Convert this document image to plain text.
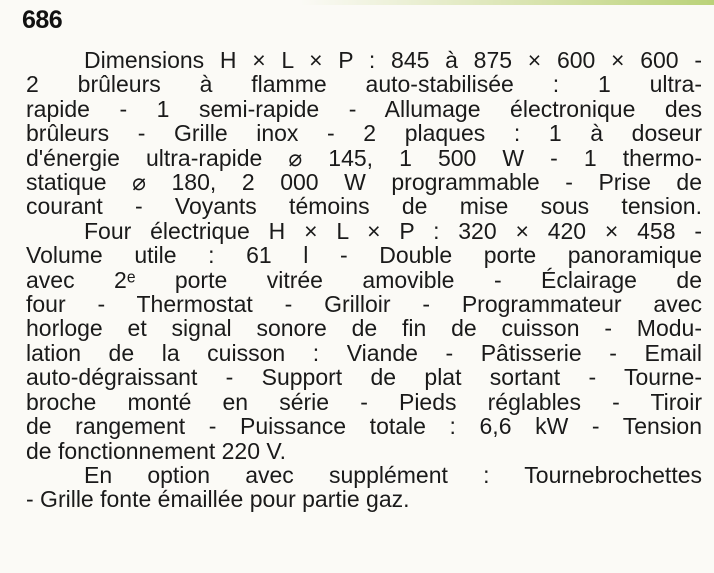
686
Dimensions H × L × P : 845 à 875 × 600 × 600 -
2 brûleurs à flamme auto-stabilisée : 1 ultra-
rapide - 1 semi-rapide - Allumage électronique des
brûleurs - Grille inox - 2 plaques : 1 à doseur
d'énergie ultra-rapide ⌀ 145, 1 500 W - 1 thermo-
statique ⌀ 180, 2 000 W programmable - Prise de
courant - Voyants témoins de mise sous tension.
Four électrique H × L × P : 320 × 420 × 458 -
Volume utile : 61 l - Double porte panoramique
avec 2ᵉ porte vitrée amovible - Éclairage de
four - Thermostat - Grilloir - Programmateur avec
horloge et signal sonore de fin de cuisson - Modu-
lation de la cuisson : Viande - Pâtisserie - Email
auto-dégraissant - Support de plat sortant - Tourne-
broche monté en série - Pieds réglables - Tiroir
de rangement - Puissance totale : 6,6 kW - Tension
de fonctionnement 220 V.
En option avec supplément : Tournebrochettes
- Grille fonte émaillée pour partie gaz.
